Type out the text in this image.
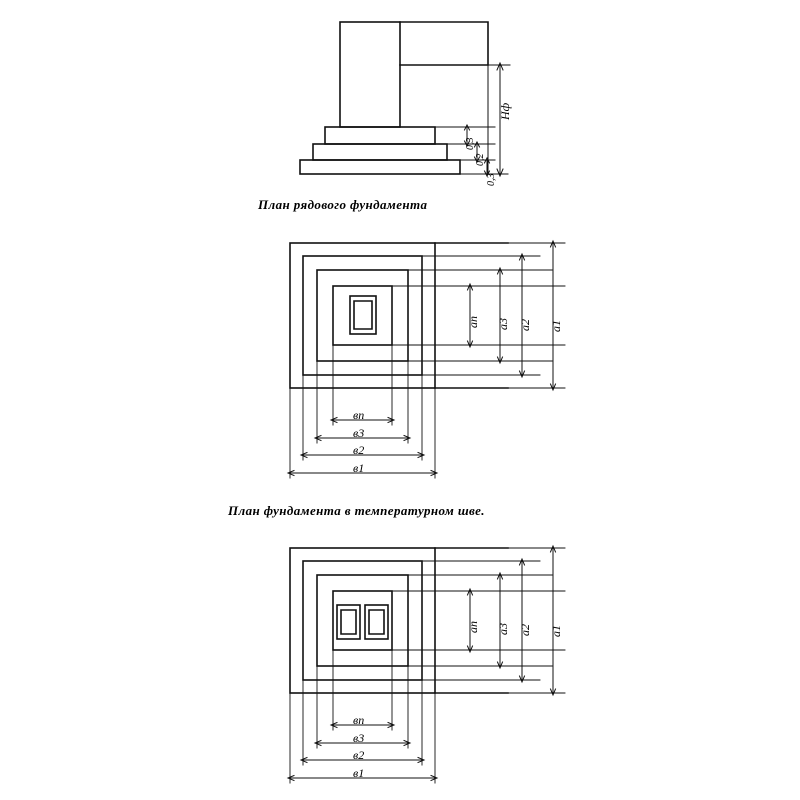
Нф
0,3
0,2
0,3
План рядового фундамента
ап а3 а2 а1
вп
в3
в2
в1
План фундамента в температурном шве.
ап а3 а2 а1
вп
в3
в2
в1
